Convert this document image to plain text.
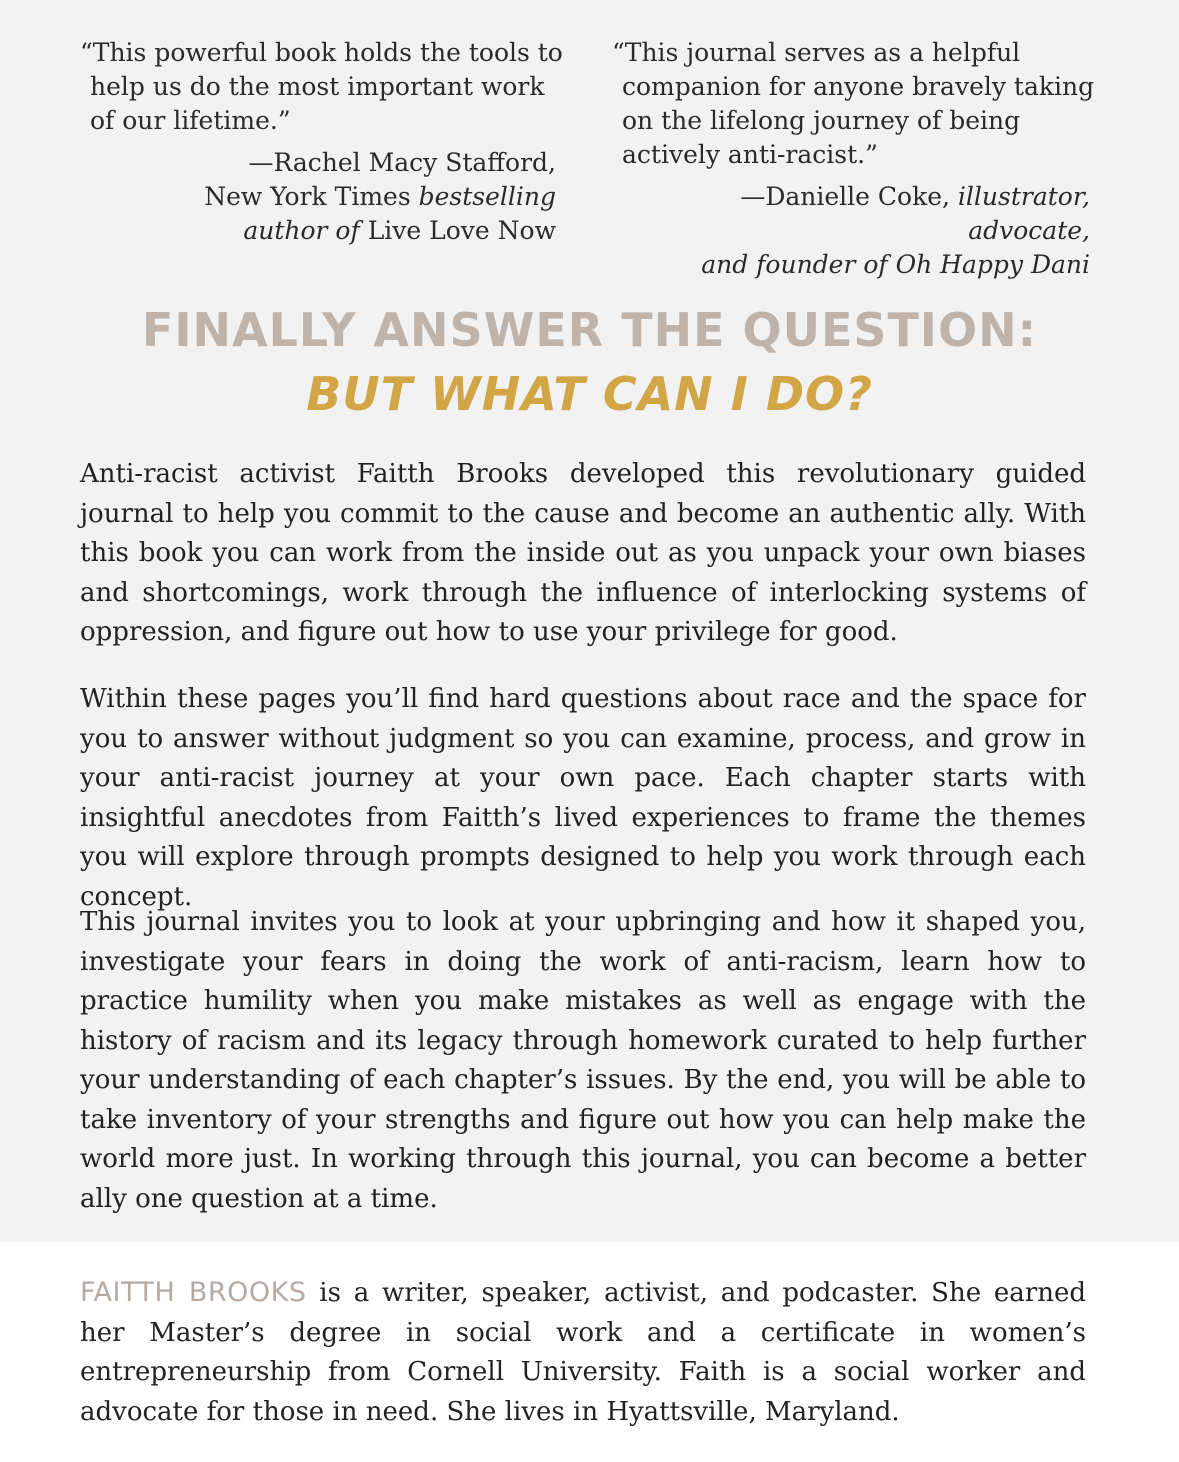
“This powerful book holds the tools to
help us do the most important work
of our lifetime.”

—Rachel Macy Stafford,
New York Times bestselling
author of Live Love Now

“This journal serves as a helpful
companion for anyone bravely taking
on the lifelong journey of being
actively anti-racist.”

—Danielle Coke, illustrator, advocate,
and founder of Oh Happy Dani
FINALLY ANSWER THE QUESTION:
BUT WHAT CAN I DO?

Anti-racist activist Faitth Brooks developed this revolutionary guided journal to help you commit to the cause and become an authentic ally. With this book you can work from the inside out as you unpack your own biases and shortcomings, work through the influence of interlocking systems of oppression, and figure out how to use your privilege for good.

Within these pages you’ll find hard questions about race and the space for you to answer without judgment so you can examine, process, and grow in your anti-racist journey at your own pace. Each chapter starts with insightful anecdotes from Faitth’s lived experiences to frame the themes you will explore through prompts designed to help you work through each concept.

This journal invites you to look at your upbringing and how it shaped you, investigate your fears in doing the work of anti-racism, learn how to practice humility when you make mistakes as well as engage with the history of racism and its legacy through homework curated to help further your understanding of each chapter’s issues. By the end, you will be able to take inventory of your strengths and figure out how you can help make the world more just. In working through this journal, you can become a better ally one question at a time.

FAITTH BROOKS is a writer, speaker, activist, and podcaster. She earned her Master’s degree in social work and a certificate in women’s entrepreneurship from Cornell University. Faith is a social worker and advocate for those in need. She lives in Hyattsville, Maryland.
